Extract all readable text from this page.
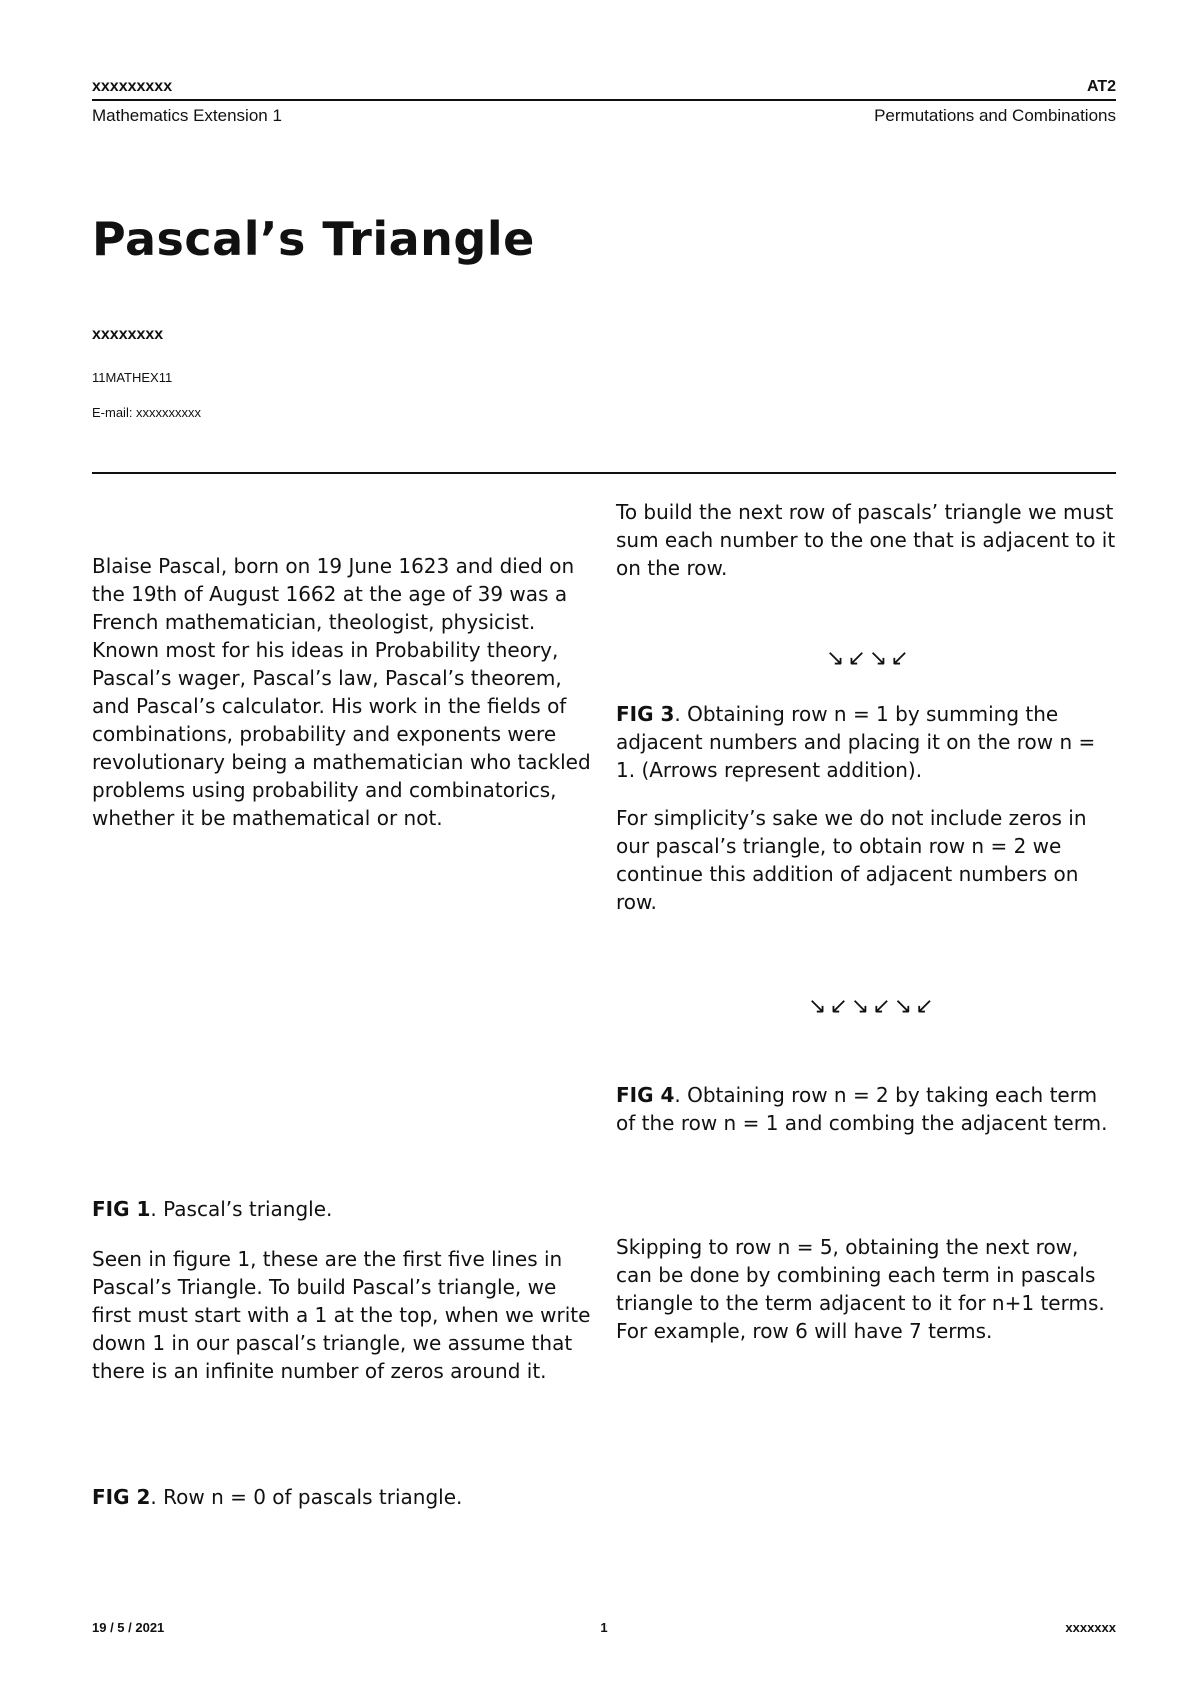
xxxxxxxxx	AT2
Mathematics Extension 1	Permutations and Combinations
Pascal’s Triangle
xxxxxxxx
11MATHEX11
E-mail: xxxxxxxxxx

Blaise Pascal, born on 19 June 1623 and died on the 19th of August 1662 at the age of 39 was a French mathematician, theologist, physicist. Known most for his ideas in Probability theory, Pascal’s wager, Pascal’s law, Pascal’s theorem, and Pascal’s calculator. His work in the fields of combinations, probability and exponents were revolutionary being a mathematician who tackled problems using probability and combinatorics, whether it be mathematical or not.

FIG 1. Pascal’s triangle.

Seen in figure 1, these are the first five lines in Pascal’s Triangle. To build Pascal’s triangle, we first must start with a 1 at the top, when we write down 1 in our pascal’s triangle, we assume that there is an infinite number of zeros around it.

FIG 2. Row n = 0 of pascals triangle.

To build the next row of pascals’ triangle we must sum each number to the one that is adjacent to it on the row.

↘ ↙ ↘ ↙

FIG 3. Obtaining row n = 1 by summing the adjacent numbers and placing it on the row n = 1. (Arrows represent addition).

For simplicity’s sake we do not include zeros in our pascal’s triangle, to obtain row n = 2 we continue this addition of adjacent numbers on row.

↘ ↙ ↘ ↙ ↘ ↙

FIG 4. Obtaining row n = 2 by taking each term of the row n = 1 and combing the adjacent term.

Skipping to row n = 5, obtaining the next row, can be done by combining each term in pascals triangle to the term adjacent to it for n+1 terms. For example, row 6 will have 7 terms.

19 / 5 / 2021	1	xxxxxxx
